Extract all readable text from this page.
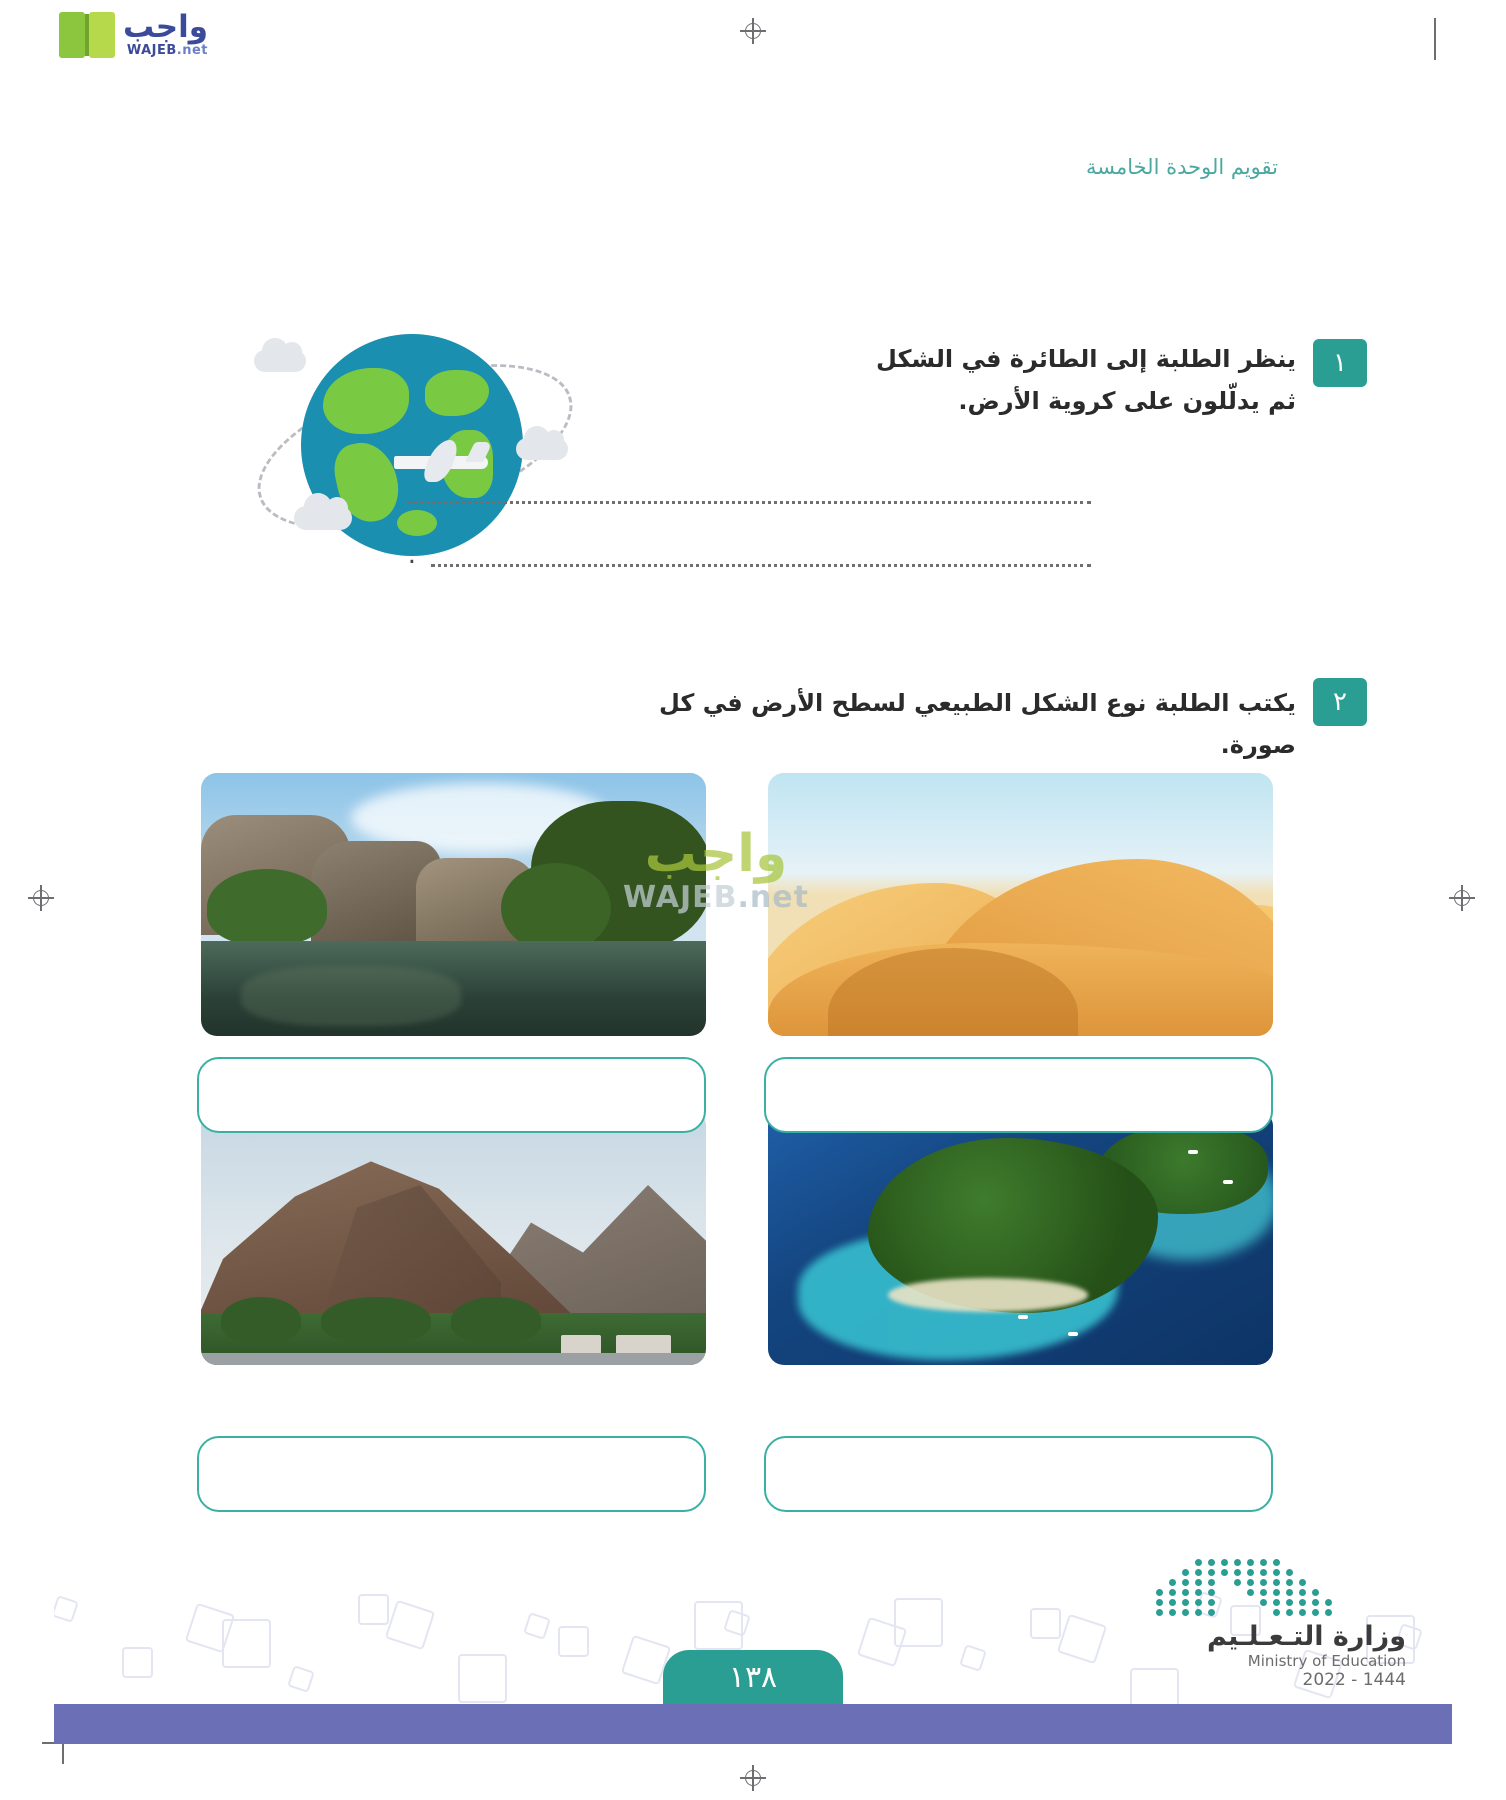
واجب
WAJEB.net
تقويم الوحدة الخامسة
١
ينظر الطلبة إلى الطائرة في الشكل ثم يدلّلون على كروية الأرض.
.
٢
يكتب الطلبة نوع الشكل الطبيعي لسطح الأرض في كل صورة.
واجب
WAJEB.net
١٣٨
وزارة التـعـلـيم
Ministry of Education
2022 - 1444
